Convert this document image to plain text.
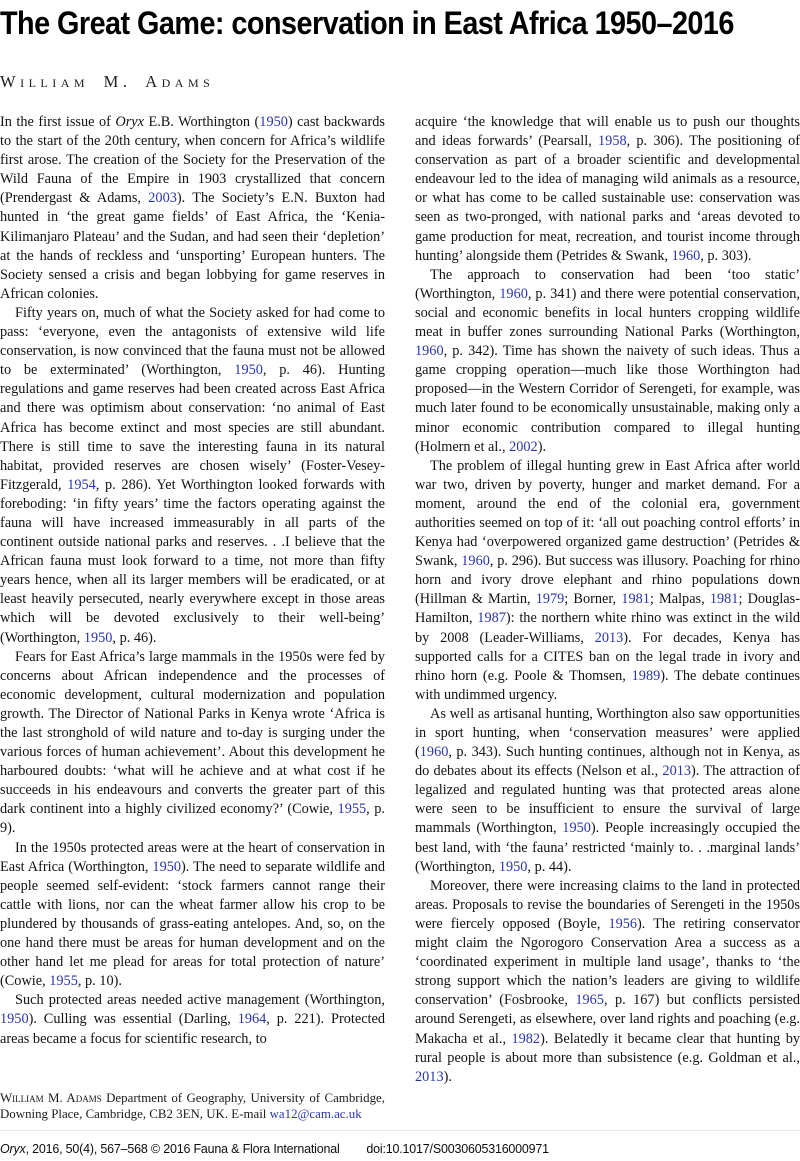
The Great Game: conservation in East Africa 1950–2016
William M. Adams

In the first issue of Oryx E.B. Worthington (1950) cast backwards to the start of the 20th century, when concern for Africa’s wildlife first arose. The creation of the Society for the Preservation of the Wild Fauna of the Empire in 1903 crystallized that concern (Prendergast & Adams, 2003). The Society’s E.N. Buxton had hunted in ‘the great game fields’ of East Africa, the ‘Kenia-Kilimanjaro Plateau’ and the Sudan, and had seen their ‘depletion’ at the hands of reckless and ‘unsporting’ European hunters. The Society sensed a crisis and began lobbying for game reserves in African colonies.

Fifty years on, much of what the Society asked for had come to pass: ‘everyone, even the antagonists of extensive wild life conservation, is now convinced that the fauna must not be allowed to be exterminated’ (Worthington, 1950, p. 46). Hunting regulations and game reserves had been created across East Africa and there was optimism about conservation: ‘no animal of East Africa has become extinct and most species are still abundant. There is still time to save the interesting fauna in its natural habitat, provided reserves are chosen wisely’ (Foster-Vesey-Fitzgerald, 1954, p. 286). Yet Worthington looked forwards with foreboding: ‘in fifty years’ time the factors operating against the fauna will have increased immeasurably in all parts of the continent outside national parks and reserves. . .I believe that the African fauna must look forward to a time, not more than fifty years hence, when all its larger members will be eradicated, or at least heavily persecuted, nearly everywhere except in those areas which will be devoted exclusively to their well-being’ (Worthington, 1950, p. 46).

Fears for East Africa’s large mammals in the 1950s were fed by concerns about African independence and the processes of economic development, cultural modernization and population growth. The Director of National Parks in Kenya wrote ‘Africa is the last stronghold of wild nature and to-day is surging under the various forces of human achievement’. About this development he harboured doubts: ‘what will he achieve and at what cost if he succeeds in his endeavours and converts the greater part of this dark continent into a highly civilized economy?’ (Cowie, 1955, p. 9).

In the 1950s protected areas were at the heart of conservation in East Africa (Worthington, 1950). The need to separate wildlife and people seemed self-evident: ‘stock farmers cannot range their cattle with lions, nor can the wheat farmer allow his crop to be plundered by thousands of grass-eating antelopes. And, so, on the one hand there must be areas for human development and on the other hand let me plead for areas for total protection of nature’ (Cowie, 1955, p. 10).

Such protected areas needed active management (Worthington, 1950). Culling was essential (Darling, 1964, p. 221). Protected areas became a focus for scientific research, to

William M. Adams Department of Geography, University of Cambridge, Downing Place, Cambridge, CB2 3EN, UK. E-mail wa12@cam.ac.uk

acquire ‘the knowledge that will enable us to push our thoughts and ideas forwards’ (Pearsall, 1958, p. 306). The positioning of conservation as part of a broader scientific and developmental endeavour led to the idea of managing wild animals as a resource, or what has come to be called sustainable use: conservation was seen as two-pronged, with national parks and ‘areas devoted to game production for meat, recreation, and tourist income through hunting’ alongside them (Petrides & Swank, 1960, p. 303).

The approach to conservation had been ‘too static’ (Worthington, 1960, p. 341) and there were potential conservation, social and economic benefits in local hunters cropping wildlife meat in buffer zones surrounding National Parks (Worthington, 1960, p. 342). Time has shown the naivety of such ideas. Thus a game cropping operation—much like those Worthington had proposed—in the Western Corridor of Serengeti, for example, was much later found to be economically unsustainable, making only a minor economic contribution compared to illegal hunting (Holmern et al., 2002).

The problem of illegal hunting grew in East Africa after world war two, driven by poverty, hunger and market demand. For a moment, around the end of the colonial era, government authorities seemed on top of it: ‘all out poaching control efforts’ in Kenya had ‘overpowered organized game destruction’ (Petrides & Swank, 1960, p. 296). But success was illusory. Poaching for rhino horn and ivory drove elephant and rhino populations down (Hillman & Martin, 1979; Borner, 1981; Malpas, 1981; Douglas-Hamilton, 1987): the northern white rhino was extinct in the wild by 2008 (Leader-Williams, 2013). For decades, Kenya has supported calls for a CITES ban on the legal trade in ivory and rhino horn (e.g. Poole & Thomsen, 1989). The debate continues with undimmed urgency.

As well as artisanal hunting, Worthington also saw opportunities in sport hunting, when ‘conservation measures’ were applied (1960, p. 343). Such hunting continues, although not in Kenya, as do debates about its effects (Nelson et al., 2013). The attraction of legalized and regulated hunting was that protected areas alone were seen to be insufficient to ensure the survival of large mammals (Worthington, 1950). People increasingly occupied the best land, with ‘the fauna’ restricted ‘mainly to. . .marginal lands’ (Worthington, 1950, p. 44).

Moreover, there were increasing claims to the land in protected areas. Proposals to revise the boundaries of Serengeti in the 1950s were fiercely opposed (Boyle, 1956). The retiring conservator might claim the Ngorogoro Conservation Area a success as a ‘coordinated experiment in multiple land usage’, thanks to ‘the strong support which the nation’s leaders are giving to wildlife conservation’ (Fosbrooke, 1965, p. 167) but conflicts persisted around Serengeti, as elsewhere, over land rights and poaching (e.g. Makacha et al., 1982). Belatedly it became clear that hunting by rural people is about more than subsistence (e.g. Goldman et al., 2013).

Oryx, 2016, 50(4), 567–568 © 2016 Fauna & Flora International doi:10.1017/S0030605316000971
